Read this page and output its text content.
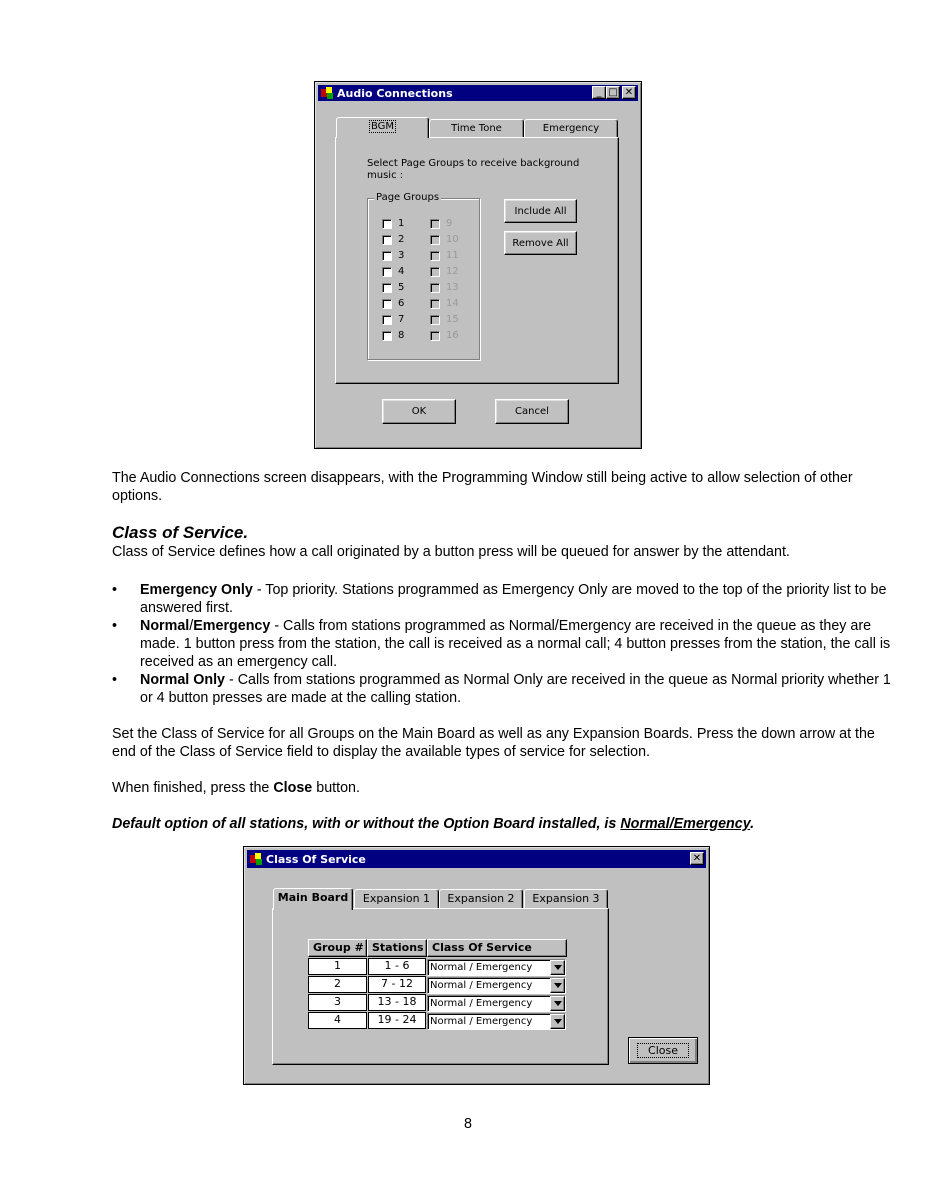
Audio Connections	_ □ ✕
BGM	Time Tone	Emergency
Select Page Groups to receive background music :
Page Groups
1
2
3
4
5
6
7
8
9
10
11
12
13
14
15
16
Include All
Remove All
OK	Cancel
The Audio Connections screen disappears, with the Programming Window still being active to allow selection of other options.
Class of Service.
Class of Service defines how a call originated by a button press will be queued for answer by the attendant.
•	Emergency Only - Top priority. Stations programmed as Emergency Only are moved to the top of the priority list to be answered first.
•	Normal/Emergency - Calls from stations programmed as Normal/Emergency are received in the queue as they are made. 1 button press from the station, the call is received as a normal call; 4 button presses from the station, the call is received as an emergency call.
•	Normal Only - Calls from stations programmed as Normal Only are received in the queue as Normal priority whether 1 or 4 button presses are made at the calling station.
Set the Class of Service for all Groups on the Main Board as well as any Expansion Boards. Press the down arrow at the end of the Class of Service field to display the available types of service for selection.
When finished, press the Close button.
Default option of all stations, with or without the Option Board installed, is Normal/Emergency.
Class Of Service	✕
Main Board	Expansion 1	Expansion 2	Expansion 3
Group # Stations Class Of Service
1	1 - 6	Normal / Emergency
2	7 - 12	Normal / Emergency
3	13 - 18	Normal / Emergency
4	19 - 24	Normal / Emergency
Close
8
